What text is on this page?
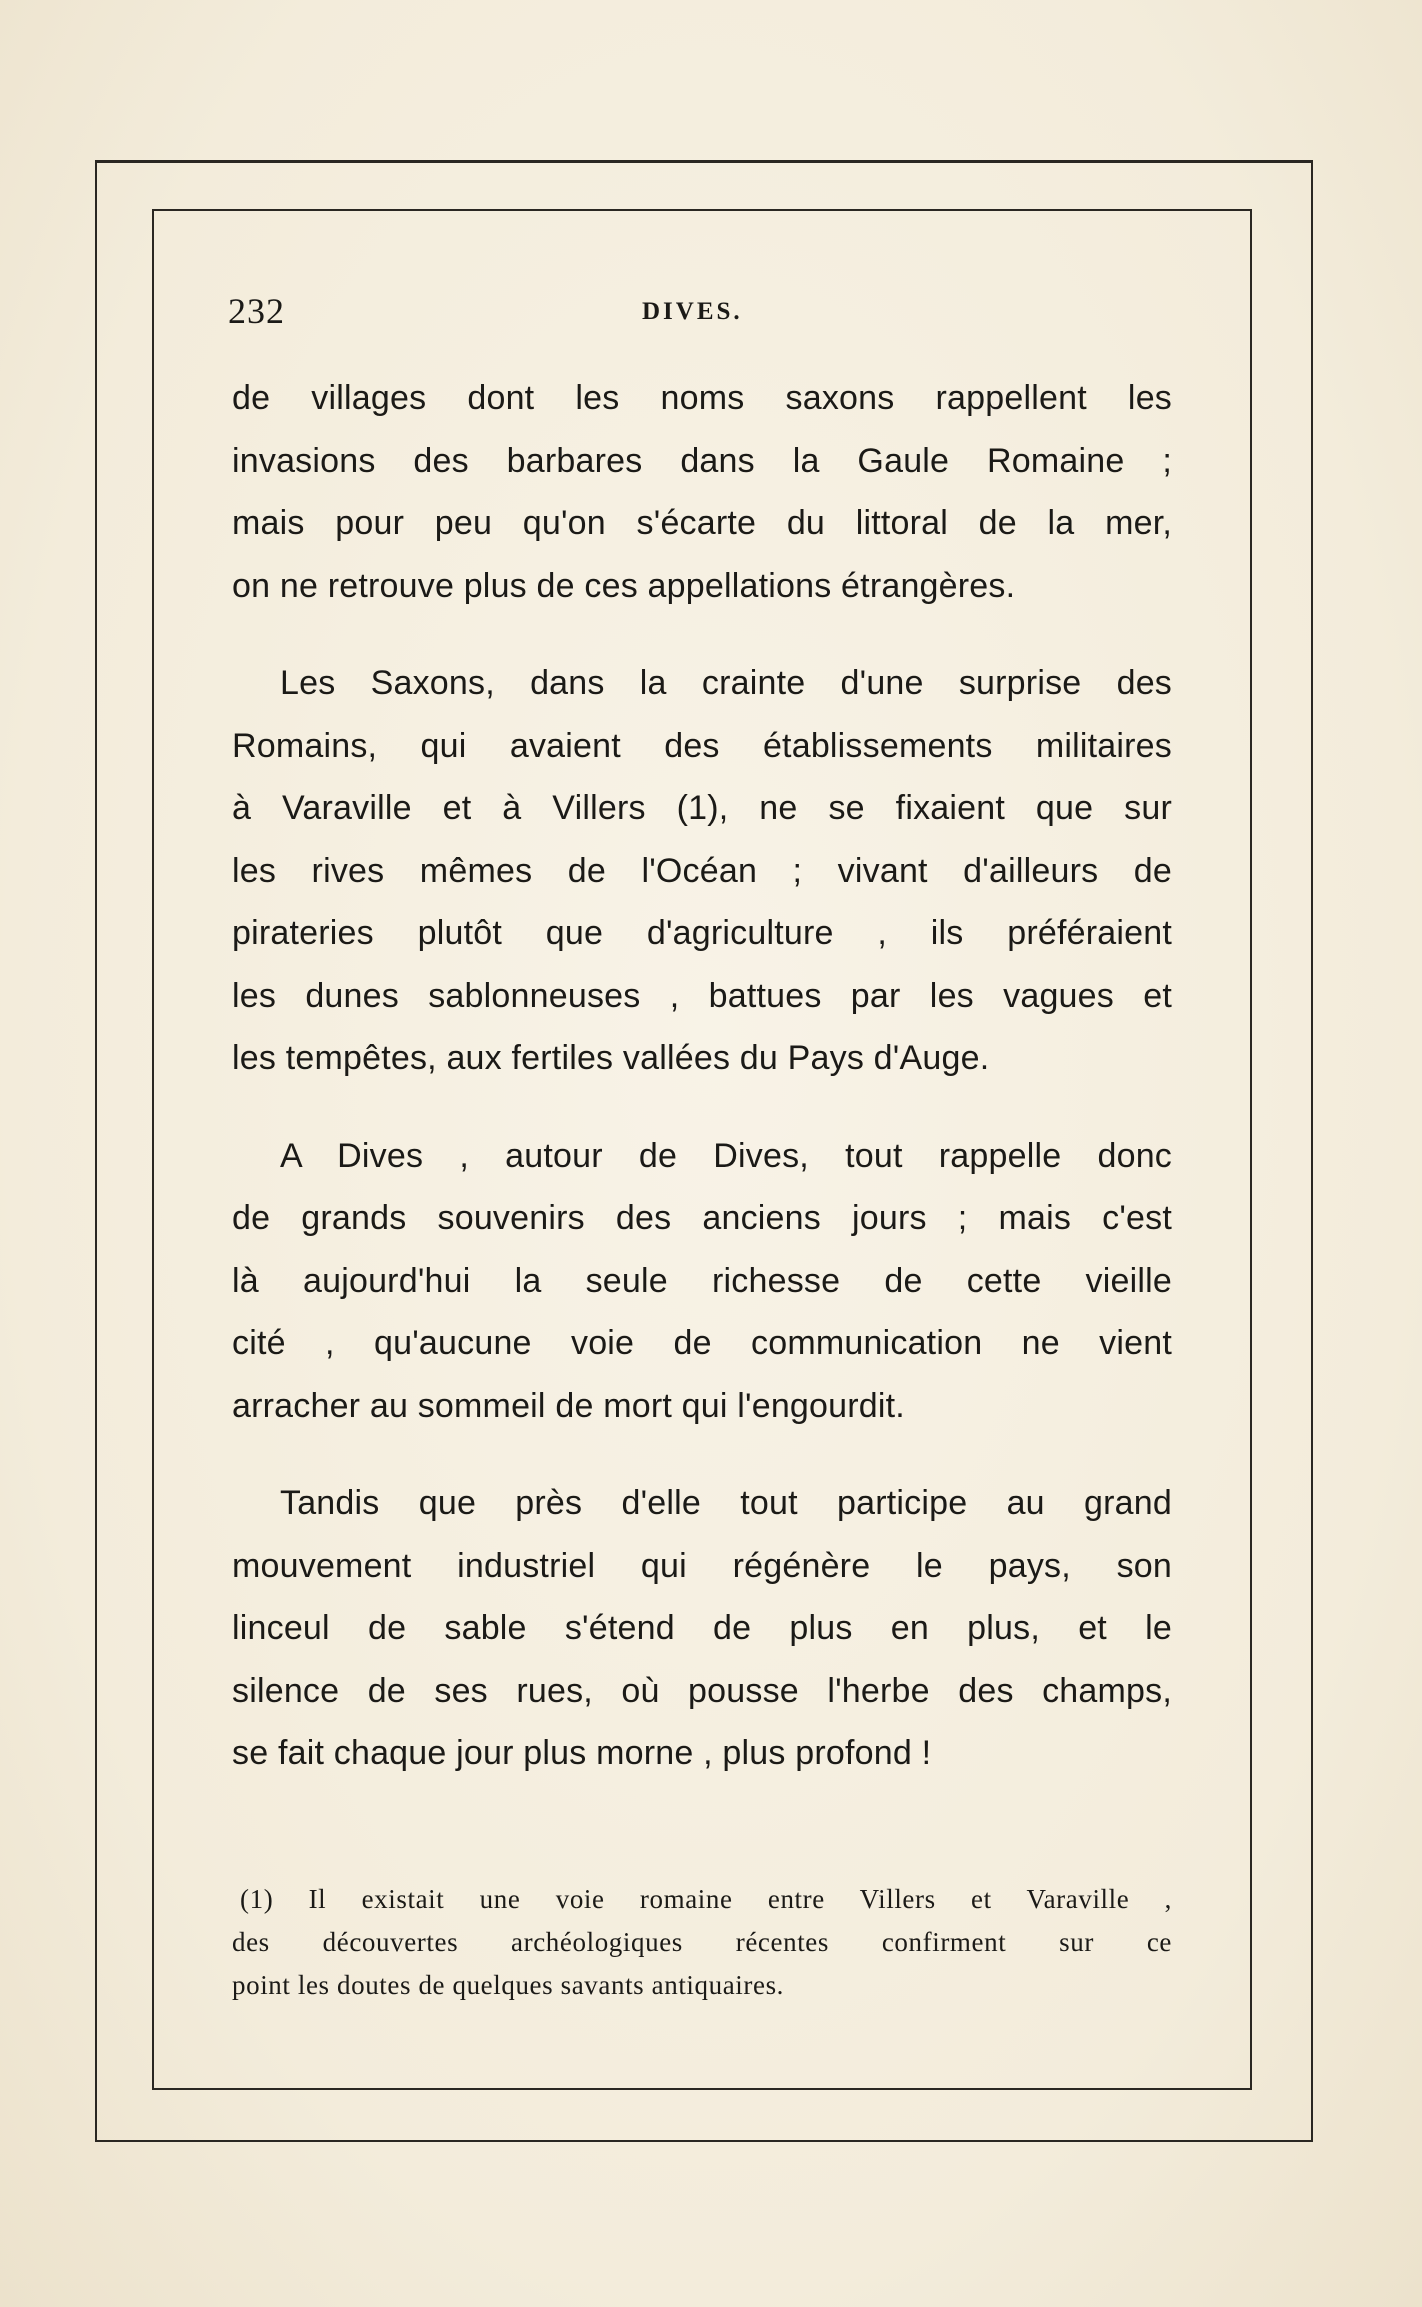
232	DIVES.

de villages dont les noms saxons rappellent les
invasions des barbares dans la Gaule Romaine ;
mais pour peu qu'on s'écarte du littoral de la mer,
on ne retrouve plus de ces appellations étrangères.

Les Saxons, dans la crainte d'une surprise des
Romains, qui avaient des établissements militaires
à Varaville et à Villers (1), ne se fixaient que sur
les rives mêmes de l'Océan ; vivant d'ailleurs de
pirateries plutôt que d'agriculture , ils préféraient
les dunes sablonneuses , battues par les vagues et
les tempêtes, aux fertiles vallées du Pays d'Auge.

A Dives , autour de Dives, tout rappelle donc
de grands souvenirs des anciens jours ; mais c'est
là aujourd'hui la seule richesse de cette vieille
cité , qu'aucune voie de communication ne vient
arracher au sommeil de mort qui l'engourdit.

Tandis que près d'elle tout participe au grand
mouvement industriel qui régénère le pays, son
linceul de sable s'étend de plus en plus, et le
silence de ses rues, où pousse l'herbe des champs,
se fait chaque jour plus morne , plus profond !

(1) Il existait une voie romaine entre Villers et Varaville ,
des découvertes archéologiques récentes confirment sur ce
point les doutes de quelques savants antiquaires.
